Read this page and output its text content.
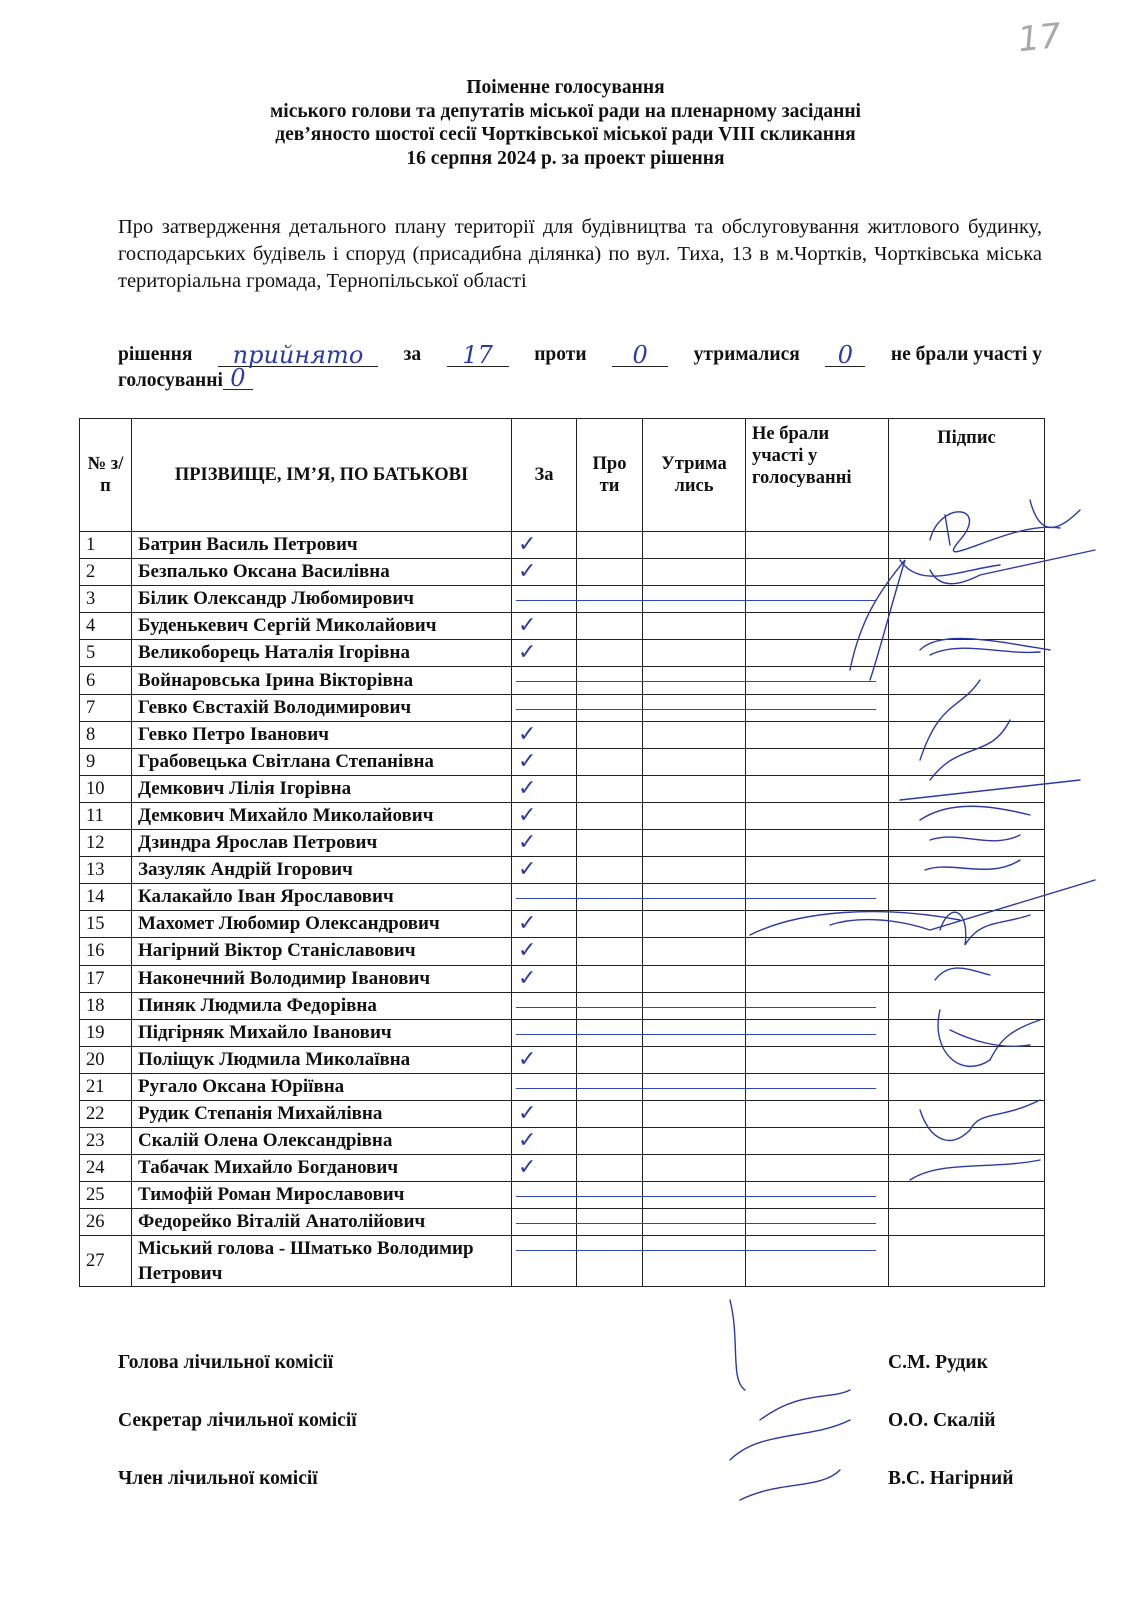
17
Поіменне голосування
міського голови та депутатів міської ради на пленарному засіданні
дев’яносто шостої сесії Чортківської міської ради VIII скликання
16 серпня 2024 р. за проект рішення
Про затвердження детального плану території для будівництва та обслуговування житлового будинку, господарських будівель і споруд (присадибна ділянка) по вул. Тиха, 13 в м.Чортків, Чортківська міська територіальна громада, Тернопільської області
рішення	прийнято	за	17	проти	0	утрималися	0	не брали участі у
голосуванні 0
№ з/п	ПРІЗВИЩЕ, ІМ’Я, ПО БАТЬКОВІ	За	Про ти	Утрима лись	Не брали участі у голосуванні	Підпис
1	Батрин Василь Петрович	✓				

2	Безпалько Оксана Василівна	✓				

3	Білик Олександр Любомирович	

4	Буденькевич Сергій Миколайович	✓				

5	Великоборець Наталія Ігорівна	✓				

6	Войнаровська Ірина Вікторівна	

7	Гевко Євстахій Володимирович	

8	Гевко Петро Іванович	✓				

9	Грабовецька Світлана Степанівна	✓				

10	Демкович Лілія Ігорівна	✓				

11	Демкович Михайло Миколайович	✓				

12	Дзиндра Ярослав Петрович	✓				

13	Зазуляк Андрій Ігорович	✓				

14	Калакайло Іван Ярославович	

15	Махомет Любомир Олександрович	✓				

16	Нагірний Віктор Станіславович	✓				

17	Наконечний Володимир Іванович	✓				

18	Пиняк Людмила Федорівна	

19	Підгірняк Михайло Іванович	

20	Поліщук Людмила Миколаївна	✓				

21	Ругало Оксана Юріївна	

22	Рудик Степанія Михайлівна	✓				

23	Скалій Олена Олександрівна	✓				

24	Табачак Михайло Богданович	✓				

25	Тимофій Роман Мирославович	

26	Федорейко Віталій Анатолійович	

27	Міський голова - Шматько Володимир Петрович	

Голова лічильної комісії	С.М. Рудик
Секретар лічильної комісії	О.О. Скалій
Член лічильної комісії	В.С. Нагірний
